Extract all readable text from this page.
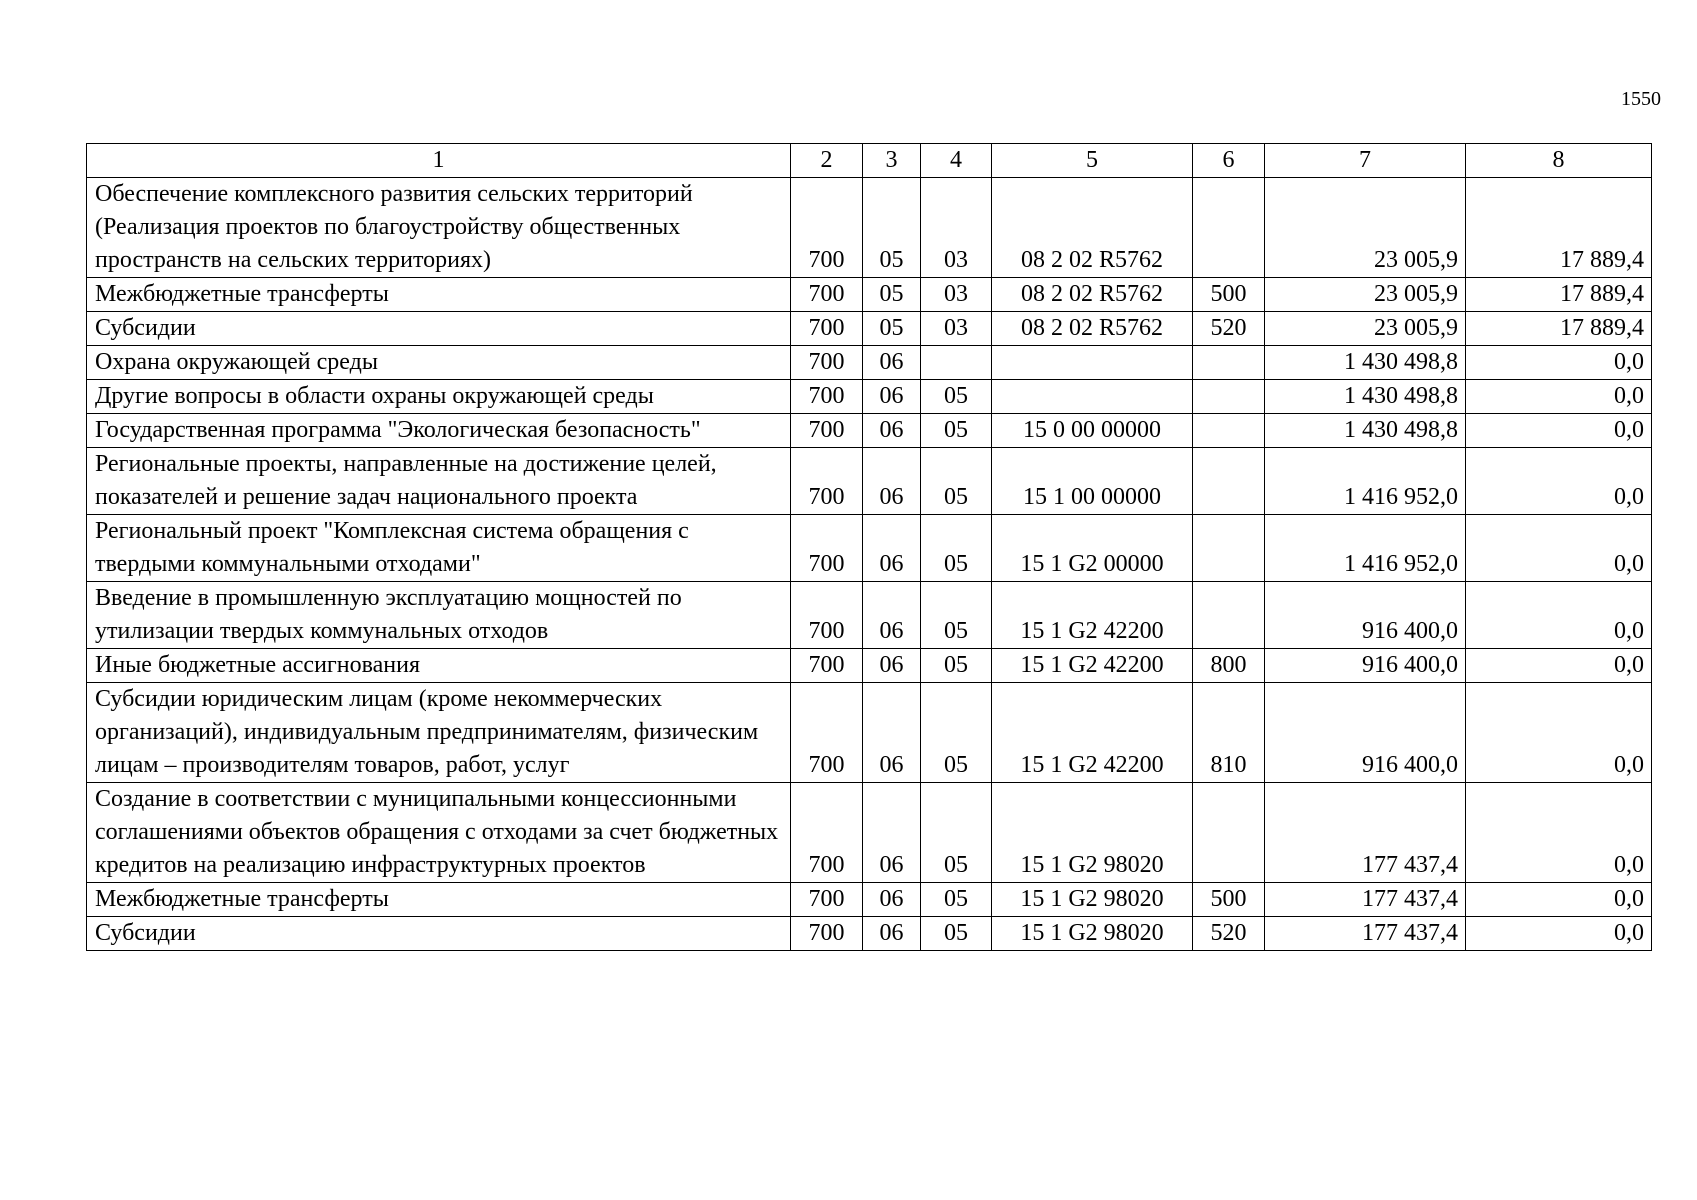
1550
1	2	3	4	5	6	7	8
Обеспечение комплексного развития сельских территорий (Реализация проектов по благоустройству общественных пространств на сельских территориях)	700	05	03	08 2 02 R5762		23 005,9	17 889,4
Межбюджетные трансферты	700	05	03	08 2 02 R5762	500	23 005,9	17 889,4
Субсидии	700	05	03	08 2 02 R5762	520	23 005,9	17 889,4
Охрана окружающей среды	700	06				1 430 498,8	0,0
Другие вопросы в области охраны окружающей среды	700	06	05			1 430 498,8	0,0
Государственная программа "Экологическая безопасность"	700	06	05	15 0 00 00000		1 430 498,8	0,0
Региональные проекты, направленные на достижение целей, показателей и решение задач национального проекта	700	06	05	15 1 00 00000		1 416 952,0	0,0
Региональный проект "Комплексная система обращения с твердыми коммунальными отходами"	700	06	05	15 1 G2 00000		1 416 952,0	0,0
Введение в промышленную эксплуатацию мощностей по утилизации твердых коммунальных отходов	700	06	05	15 1 G2 42200		916 400,0	0,0
Иные бюджетные ассигнования	700	06	05	15 1 G2 42200	800	916 400,0	0,0
Субсидии юридическим лицам (кроме некоммерческих организаций), индивидуальным предпринимателям, физическим лицам – производителям товаров, работ, услуг	700	06	05	15 1 G2 42200	810	916 400,0	0,0
Создание в соответствии с муниципальными концессионными соглашениями объектов обращения с отходами за счет бюджетных кредитов на реализацию инфраструктурных проектов	700	06	05	15 1 G2 98020		177 437,4	0,0
Межбюджетные трансферты	700	06	05	15 1 G2 98020	500	177 437,4	0,0
Субсидии	700	06	05	15 1 G2 98020	520	177 437,4	0,0
